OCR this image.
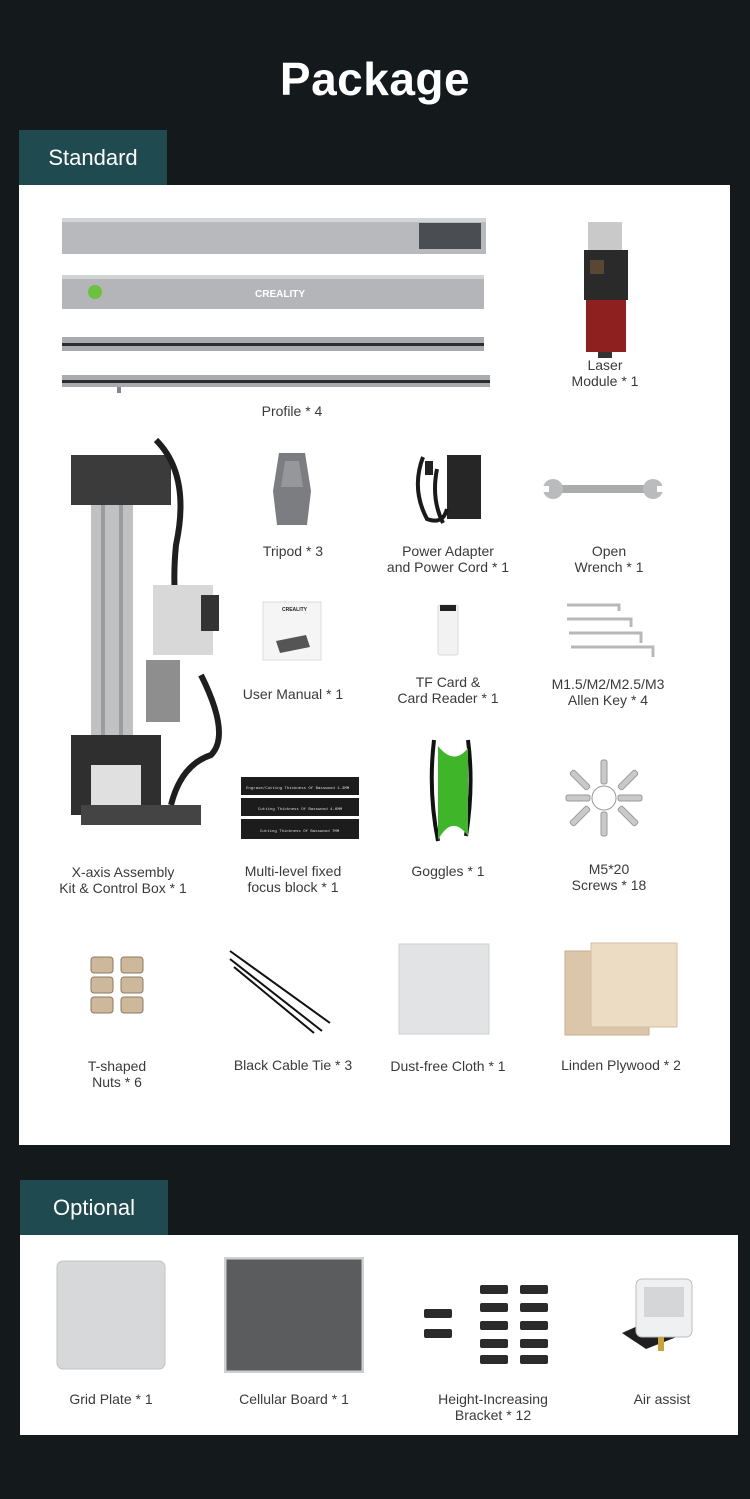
Package
Standard
CREALITY
Profile * 4
Laser
Module * 1
X-axis Assembly
Kit & Control Box * 1
Tripod * 3	Power Adapter
and Power Cord * 1
Open
Wrench * 1
CREALITY
User Manual * 1
TF Card &
Card Reader * 1
M1.5/M2/M2.5/M3
Allen Key * 4
Engrave/Cutting Thickness Of Basswood 1-3MM
Cutting Thickness Of Basswood 4-6MM
Cutting Thickness Of Basswood 7MM
Multi-level fixed
focus block * 1
Goggles * 1	M5*20
Screws * 18
T-shaped
Nuts * 6
Black Cable Tie * 3	Dust-free Cloth * 1	Linden Plywood * 2
Optional
Grid Plate * 1	Cellular Board * 1	Height-Increasing
Bracket * 12
Air assist
